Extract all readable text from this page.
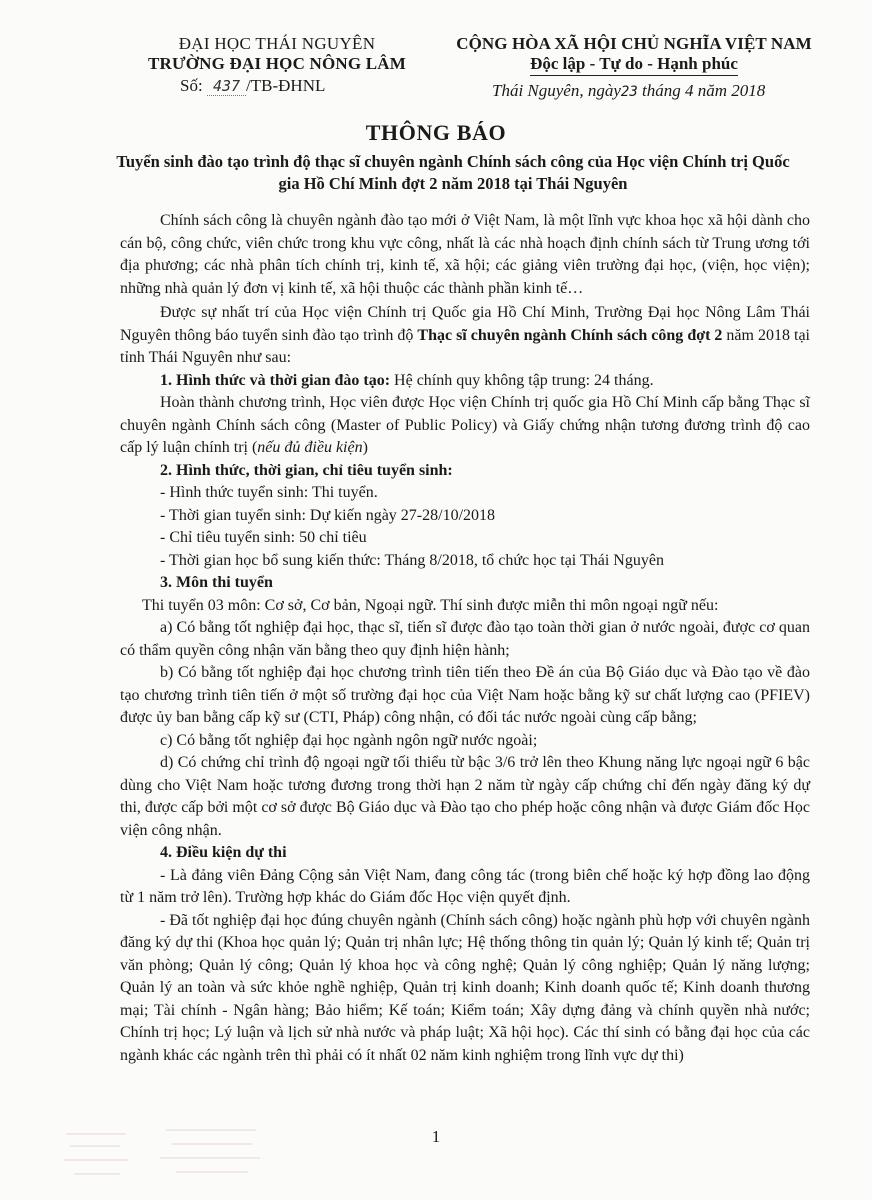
ĐẠI HỌC THÁI NGUYÊN
TRƯỜNG ĐẠI HỌC NÔNG LÂM
Số: 437 /TB-ĐHNL
CỘNG HÒA XÃ HỘI CHỦ NGHĨA VIỆT NAM
Độc lập - Tự do - Hạnh phúc
Thái Nguyên, ngày23 tháng 4 năm 2018
THÔNG BÁO
Tuyển sinh đào tạo trình độ thạc sĩ chuyên ngành Chính sách công của Học viện Chính trị Quốc gia Hồ Chí Minh đợt 2 năm 2018 tại Thái Nguyên

Chính sách công là chuyên ngành đào tạo mới ở Việt Nam, là một lĩnh vực khoa học xã hội dành cho cán bộ, công chức, viên chức trong khu vực công, nhất là các nhà hoạch định chính sách từ Trung ương tới địa phương; các nhà phân tích chính trị, kinh tế, xã hội; các giảng viên trường đại học, (viện, học viện); những nhà quản lý đơn vị kinh tế, xã hội thuộc các thành phần kinh tế…

Được sự nhất trí của Học viện Chính trị Quốc gia Hồ Chí Minh, Trường Đại học Nông Lâm Thái Nguyên thông báo tuyển sinh đào tạo trình độ Thạc sĩ chuyên ngành Chính sách công đợt 2 năm 2018 tại tỉnh Thái Nguyên như sau:

1. Hình thức và thời gian đào tạo: Hệ chính quy không tập trung: 24 tháng.

Hoàn thành chương trình, Học viên được Học viện Chính trị quốc gia Hồ Chí Minh cấp bằng Thạc sĩ chuyên ngành Chính sách công (Master of Public Policy) và Giấy chứng nhận tương đương trình độ cao cấp lý luận chính trị (nếu đủ điều kiện)

2. Hình thức, thời gian, chỉ tiêu tuyển sinh:

- Hình thức tuyển sinh: Thi tuyển.

- Thời gian tuyển sinh: Dự kiến ngày 27-28/10/2018

- Chỉ tiêu tuyển sinh: 50 chỉ tiêu

- Thời gian học bổ sung kiến thức: Tháng 8/2018, tổ chức học tại Thái Nguyên

3. Môn thi tuyển

Thi tuyển 03 môn: Cơ sở, Cơ bản, Ngoại ngữ. Thí sinh được miễn thi môn ngoại ngữ nếu:

a) Có bằng tốt nghiệp đại học, thạc sĩ, tiến sĩ được đào tạo toàn thời gian ở nước ngoài, được cơ quan có thẩm quyền công nhận văn bằng theo quy định hiện hành;

b) Có bằng tốt nghiệp đại học chương trình tiên tiến theo Đề án của Bộ Giáo dục và Đào tạo về đào tạo chương trình tiên tiến ở một số trường đại học của Việt Nam hoặc bằng kỹ sư chất lượng cao (PFIEV) được ủy ban bằng cấp kỹ sư (CTI, Pháp) công nhận, có đối tác nước ngoài cùng cấp bằng;

c) Có bằng tốt nghiệp đại học ngành ngôn ngữ nước ngoài;

d) Có chứng chỉ trình độ ngoại ngữ tối thiểu từ bậc 3/6 trở lên theo Khung năng lực ngoại ngữ 6 bậc dùng cho Việt Nam hoặc tương đương trong thời hạn 2 năm từ ngày cấp chứng chỉ đến ngày đăng ký dự thi, được cấp bởi một cơ sở được Bộ Giáo dục và Đào tạo cho phép hoặc công nhận và được Giám đốc Học viện công nhận.

4. Điều kiện dự thi

- Là đảng viên Đảng Cộng sản Việt Nam, đang công tác (trong biên chế hoặc ký hợp đồng lao động từ 1 năm trở lên). Trường hợp khác do Giám đốc Học viện quyết định.

- Đã tốt nghiệp đại học đúng chuyên ngành (Chính sách công) hoặc ngành phù hợp với chuyên ngành đăng ký dự thi (Khoa học quản lý; Quản trị nhân lực; Hệ thống thông tin quản lý; Quản lý kinh tế; Quản trị văn phòng; Quản lý công; Quản lý khoa học và công nghệ; Quản lý công nghiệp; Quản lý năng lượng; Quản lý an toàn và sức khỏe nghề nghiệp, Quản trị kinh doanh; Kinh doanh quốc tế; Kinh doanh thương mại; Tài chính - Ngân hàng; Bảo hiểm; Kế toán; Kiểm toán; Xây dựng đảng và chính quyền nhà nước; Chính trị học; Lý luận và lịch sử nhà nước và pháp luật; Xã hội học). Các thí sinh có bằng đại học của các ngành khác các ngành trên thì phải có ít nhất 02 năm kinh nghiệm trong lĩnh vực dự thi)

1
